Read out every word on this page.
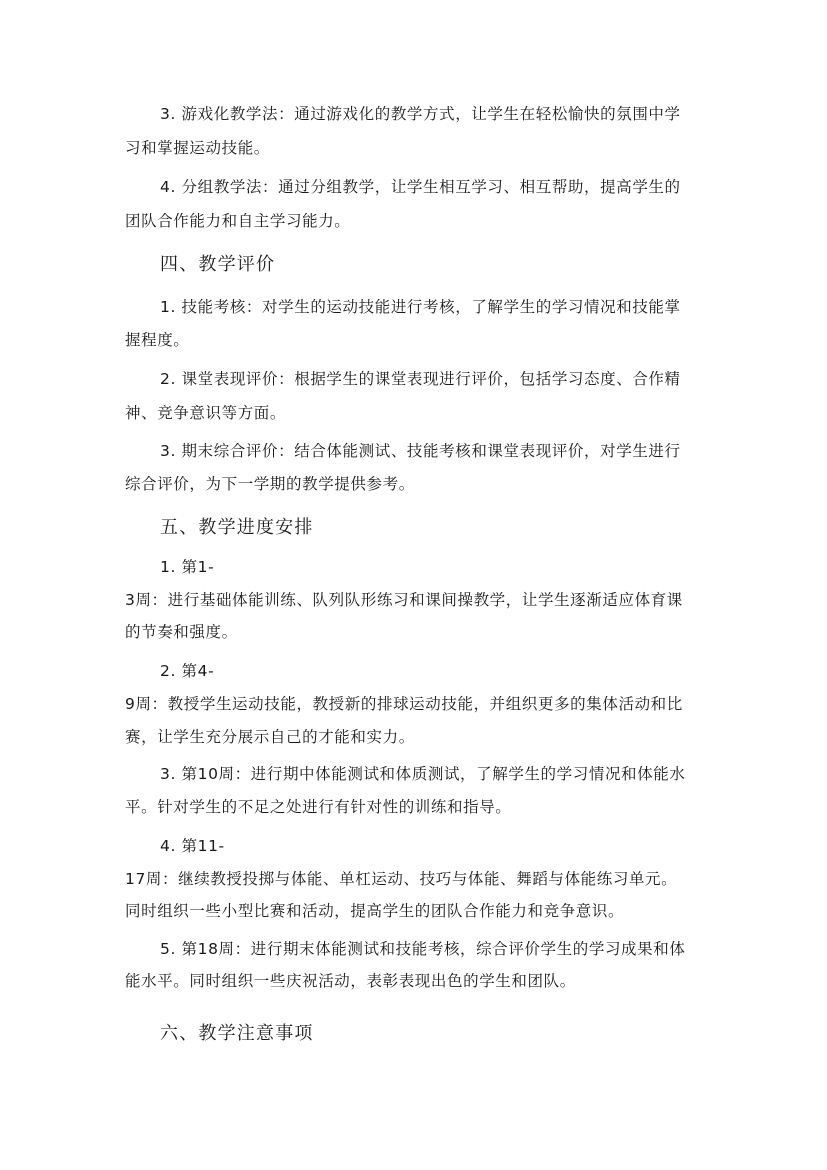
3. 游戏化教学法：通过游戏化的教学方式，让学生在轻松愉快的氛围中学
习和掌握运动技能。
4. 分组教学法：通过分组教学，让学生相互学习、相互帮助，提高学生的
团队合作能力和自主学习能力。
四、教学评价
1. 技能考核：对学生的运动技能进行考核，了解学生的学习情况和技能掌
握程度。
2. 课堂表现评价：根据学生的课堂表现进行评价，包括学习态度、合作精
神、竞争意识等方面。
3. 期末综合评价：结合体能测试、技能考核和课堂表现评价，对学生进行
综合评价，为下一学期的教学提供参考。
五、教学进度安排
1. 第1-
3周：进行基础体能训练、队列队形练习和课间操教学，让学生逐渐适应体育课
的节奏和强度。
2. 第4-
9周：教授学生运动技能，教授新的排球运动技能，并组织更多的集体活动和比
赛，让学生充分展示自己的才能和实力。
3. 第10周：进行期中体能测试和体质测试，了解学生的学习情况和体能水
平。针对学生的不足之处进行有针对性的训练和指导。
4. 第11-
17周：继续教授投掷与体能、单杠运动、技巧与体能、舞蹈与体能练习单元。
同时组织一些小型比赛和活动，提高学生的团队合作能力和竞争意识。
5. 第18周：进行期末体能测试和技能考核，综合评价学生的学习成果和体
能水平。同时组织一些庆祝活动，表彰表现出色的学生和团队。
六、教学注意事项
